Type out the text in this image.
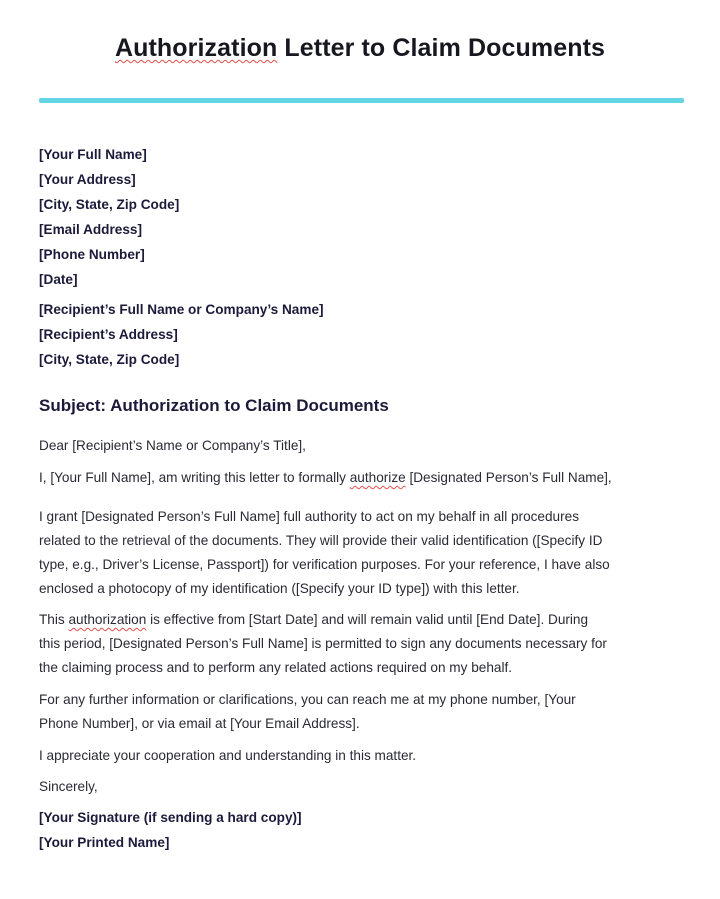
Authorization Letter to Claim Documents
[Your Full Name]
[Your Address]
[City, State, Zip Code]
[Email Address]
[Phone Number]
[Date]
[Recipient’s Full Name or Company’s Name]
[Recipient’s Address]
[City, State, Zip Code]
Subject: Authorization to Claim Documents
Dear [Recipient’s Name or Company’s Title],
I, [Your Full Name], am writing this letter to formally authorize [Designated Person’s Full Name],
I grant [Designated Person’s Full Name] full authority to act on my behalf in all procedures
related to the retrieval of the documents. They will provide their valid identification ([Specify ID
type, e.g., Driver’s License, Passport]) for verification purposes. For your reference, I have also
enclosed a photocopy of my identification ([Specify your ID type]) with this letter.
This authorization is effective from [Start Date] and will remain valid until [End Date]. During
this period, [Designated Person’s Full Name] is permitted to sign any documents necessary for
the claiming process and to perform any related actions required on my behalf.
For any further information or clarifications, you can reach me at my phone number, [Your
Phone Number], or via email at [Your Email Address].
I appreciate your cooperation and understanding in this matter.
Sincerely,
[Your Signature (if sending a hard copy)]
[Your Printed Name]
